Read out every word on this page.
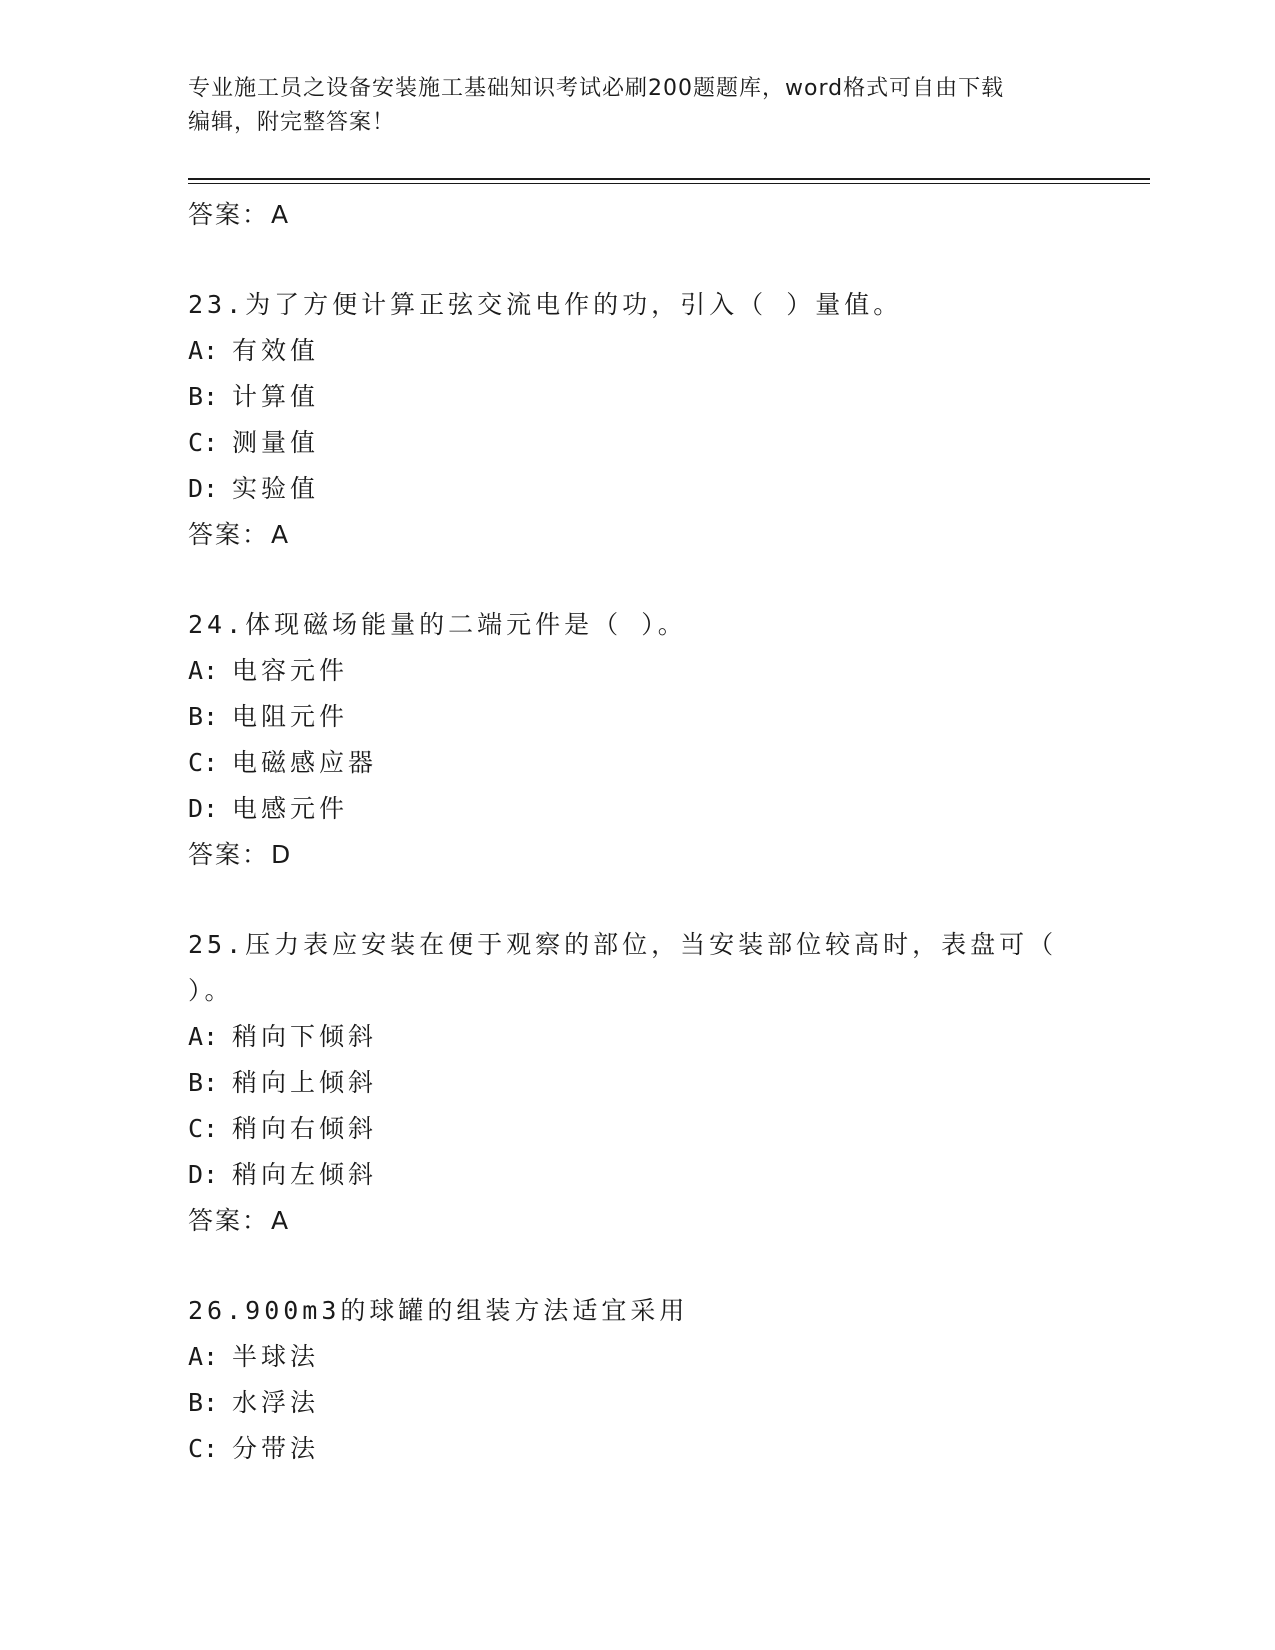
专业施工员之设备安装施工基础知识考试必刷200题题库，word格式可自由下载
编辑，附完整答案！
答案：A
23.为了方便计算正弦交流电作的功，引入（ ）量值。
A: 有效值
B: 计算值
C: 测量值
D: 实验值
答案：A
24.体现磁场能量的二端元件是（ ）。
A: 电容元件
B: 电阻元件
C: 电磁感应器
D: 电感元件
答案：D
25.压力表应安装在便于观察的部位，当安装部位较高时，表盘可（
）。
A: 稍向下倾斜
B: 稍向上倾斜
C: 稍向右倾斜
D: 稍向左倾斜
答案：A
26.900m3的球罐的组装方法适宜采用
A: 半球法
B: 水浮法
C: 分带法
